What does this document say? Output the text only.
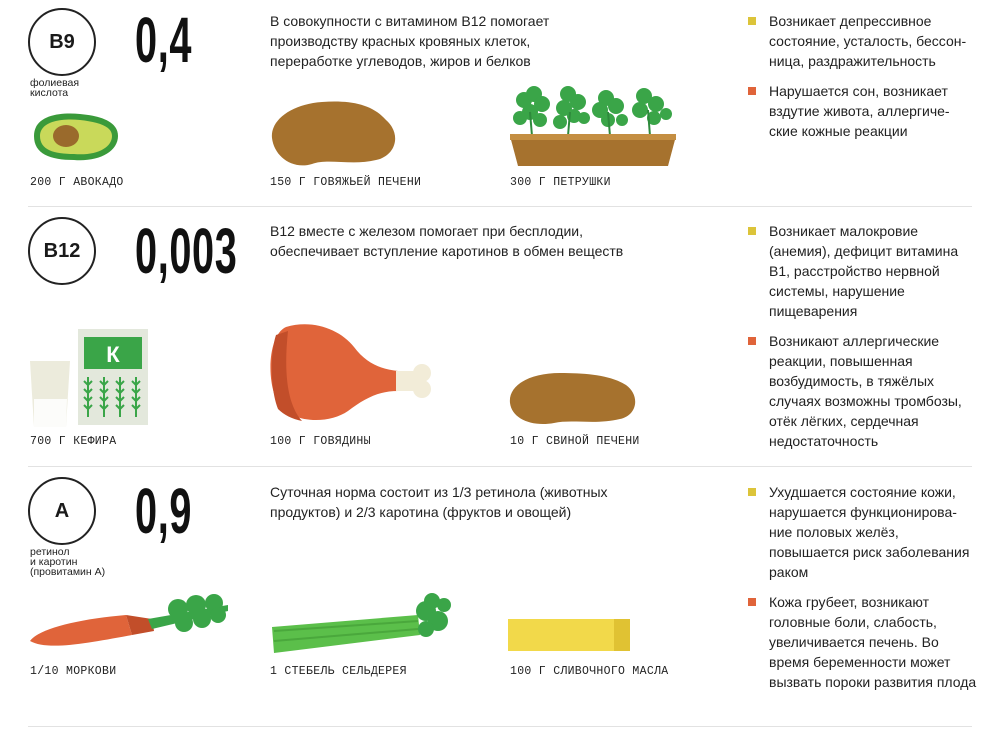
B9
фолиевая
кислота
0,4	В совокупности с витамином В12 помогает производству красных кровяных клеток, переработке углеводов, жиров и белков
200 Г АВОКАДО	150 Г ГОВЯЖЬЕЙ ПЕЧЕНИ	300 Г ПЕТРУШКИ
Возникает депрессивное состояние, усталость, бессон-ница, раздражительность
Нарушается сон, возникает вздутие живота, аллергиче-ские кожные реакции
B12 0,003 В12 вместе с железом помогает при бесплодии, обеспечивает вступление каротинов в обмен веществ
К
700 Г КЕФИРА	100 Г ГОВЯДИНЫ	10 Г СВИНОЙ ПЕЧЕНИ
Возникает малокровие (анемия), дефицит витамина В1, расстройство нервной системы, нарушение пищеварения
Возникают аллергические реакции, повышенная возбудимость, в тяжёлых случаях возможны тромбозы, отёк лёгких, сердечная недостаточность
A
ретинол
и каротин
(провитамин А)
0,9	Суточная норма состоит из 1/3 ретинола (животных продуктов) и 2/3 каротина (фруктов и овощей)
1/10 МОРКОВИ	1 СТЕБЕЛЬ СЕЛЬДЕРЕЯ	100 Г СЛИВОЧНОГО МАСЛА
Ухудшается состояние кожи, нарушается функционирова-ние половых желёз, повышается риск заболевания раком
Кожа грубеет, возникают головные боли, слабость, увеличивается печень. Во время беременности может вызвать пороки развития плода
